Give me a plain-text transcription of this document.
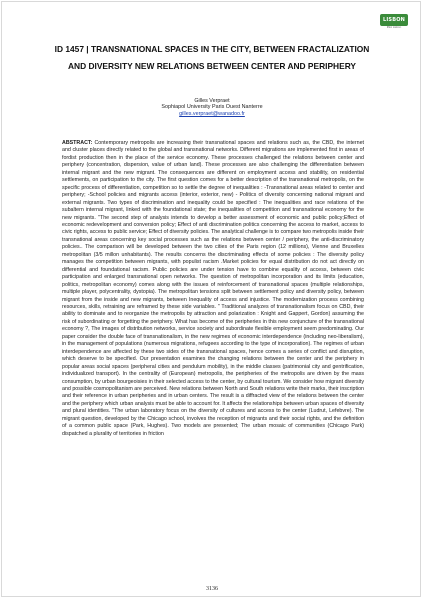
LISBON
RSA Lisbon
ID 1457 | TRANSNATIONAL SPACES IN THE CITY, BETWEEN FRACTALIZATION AND DIVERSITY NEW RELATIONS BETWEEN CENTER AND PERIPHERY
Gilles Verpraet
Sophiapol University Paris Ouest Nanterre
gilles.verpraet@wanadoo.fr
ABSTRACT: Contemporary metropolis are increasing their transnational spaces and relations such as, the CBD, the internet and cluster places directly related to the global and transnational networks. Different migrations are implemented first in areas of fordist production then in the place of the service economy. These processes challenged the relations between center and periphery (concentration, dispersion, value of urban land). These processes are also challenging the differentiation between internal migrant and the new migrant. The consequences are different on employment access and stability, on residential settlements, on participation to the city. The first question comes for a better description of the transnational metropolis, on the specific process of differentiation, competition so to settle the degree of inequalities : -Transnational areas related to center and periphery; -School policies and migrants access (interior, exterior, new) - Politics of diversity concerning national migrant and external migrants. Two types of discrimination and inequality could be specified : The inequalities and race relations of the subaltern internal migrant, linked with the foundational state; the inequalities of competition and transnational economy for the new migrants. "The second step of analysis intends to develop a better assessment of economic and public policy;Effect of economic redevelopment and conversion policy; Effect of anti discrimination politics concerning the access to market, access to civic rights, access to public service; Effect of diversity policies. The analytical challenge is to compare two metropolis inside their transnational areas concerning key social processes such as the relations between center / periphery, the anti-discriminatory policies.. The comparison will be developed between the two cities of the Paris region (12 millions), Vienne and Bruxelles metropolitan (3/5 millon unhabitants). The results concerns the discriminating effects of some policies : The diversity policy manages the competition between migrants, with populist racism .Market policies for equal distribution do not act directly on differential and foundational racism. Public policies are under tension have to combine equality of access, between civic participation and enlarged transnational open networks. The question of metropolitan incorporation and its limits (education, politics, metropolitan economy) comes along with the issues of reinforcement of transnational spaces (multiple relationships, multiple player, polycentrality, dystopia). The metropolitan tensions split between settlement policy and diversity policy, between migrant from the inside and new migrants, between Inequality of access and injustice. The modernization process combining resources, skills, retraining are reframed by these side variables. " Traditional analyzes of transnationalism focus on CBD, their ability to dominate and to reorganize the metropolis by attraction and polarization : Knight and Gappert, Gordon) assuming the risk of subordinating or forgetting the periphery. What has become of the peripheries in this new conjuncture of the transnational economy ?, The images of distribution networks, service society and subordinate flexible employment seem predominating. Our paper consider the double face of transnationalism, in the new regimes of economic interdependence (including neo-liberalism), in the management of populations (numerous migrations, refugees according to the type of incorporation). The regimes of urban interdependence are affected by these two sides of the transnational spaces, hence comes a series of conflict and disruption, which deserve to be specified. Our presentation examines the changing relations between the center and the periphery in popular areas social spaces (peripheral cities and pendulum mobility), in the middle classes (patrimonial city and gentrification, individualized transport). In the centrality of (European) metropolis, the peripheries of the metropolis are driven by the mass consumption, by urban bourgeoisies in their selected access to the center, by cultural tourism. We consider how migrant diversity and possible cosmopolitanism are perceived. New relations between North and South relations write their marks, their inscription and their reference in urban peripheries and in urban centers. The result is a diffracted view of the relations between the center and the periphery which urban analysis must be able to account for. It affects the relationships between urban spaces of diversity and plural identities. "The urban laboratory focus on the diversity of cultures and access to the center (Ludrut, Lefebvre). The migrant question, developed by the Chicago school, involves the reception of migrants and their social rights, and the definition of a common public space (Park, Hughes). Two models are presented; The urban mosaic of communities (Chicago Park) dispatched a plurality of territories in friction
3136
